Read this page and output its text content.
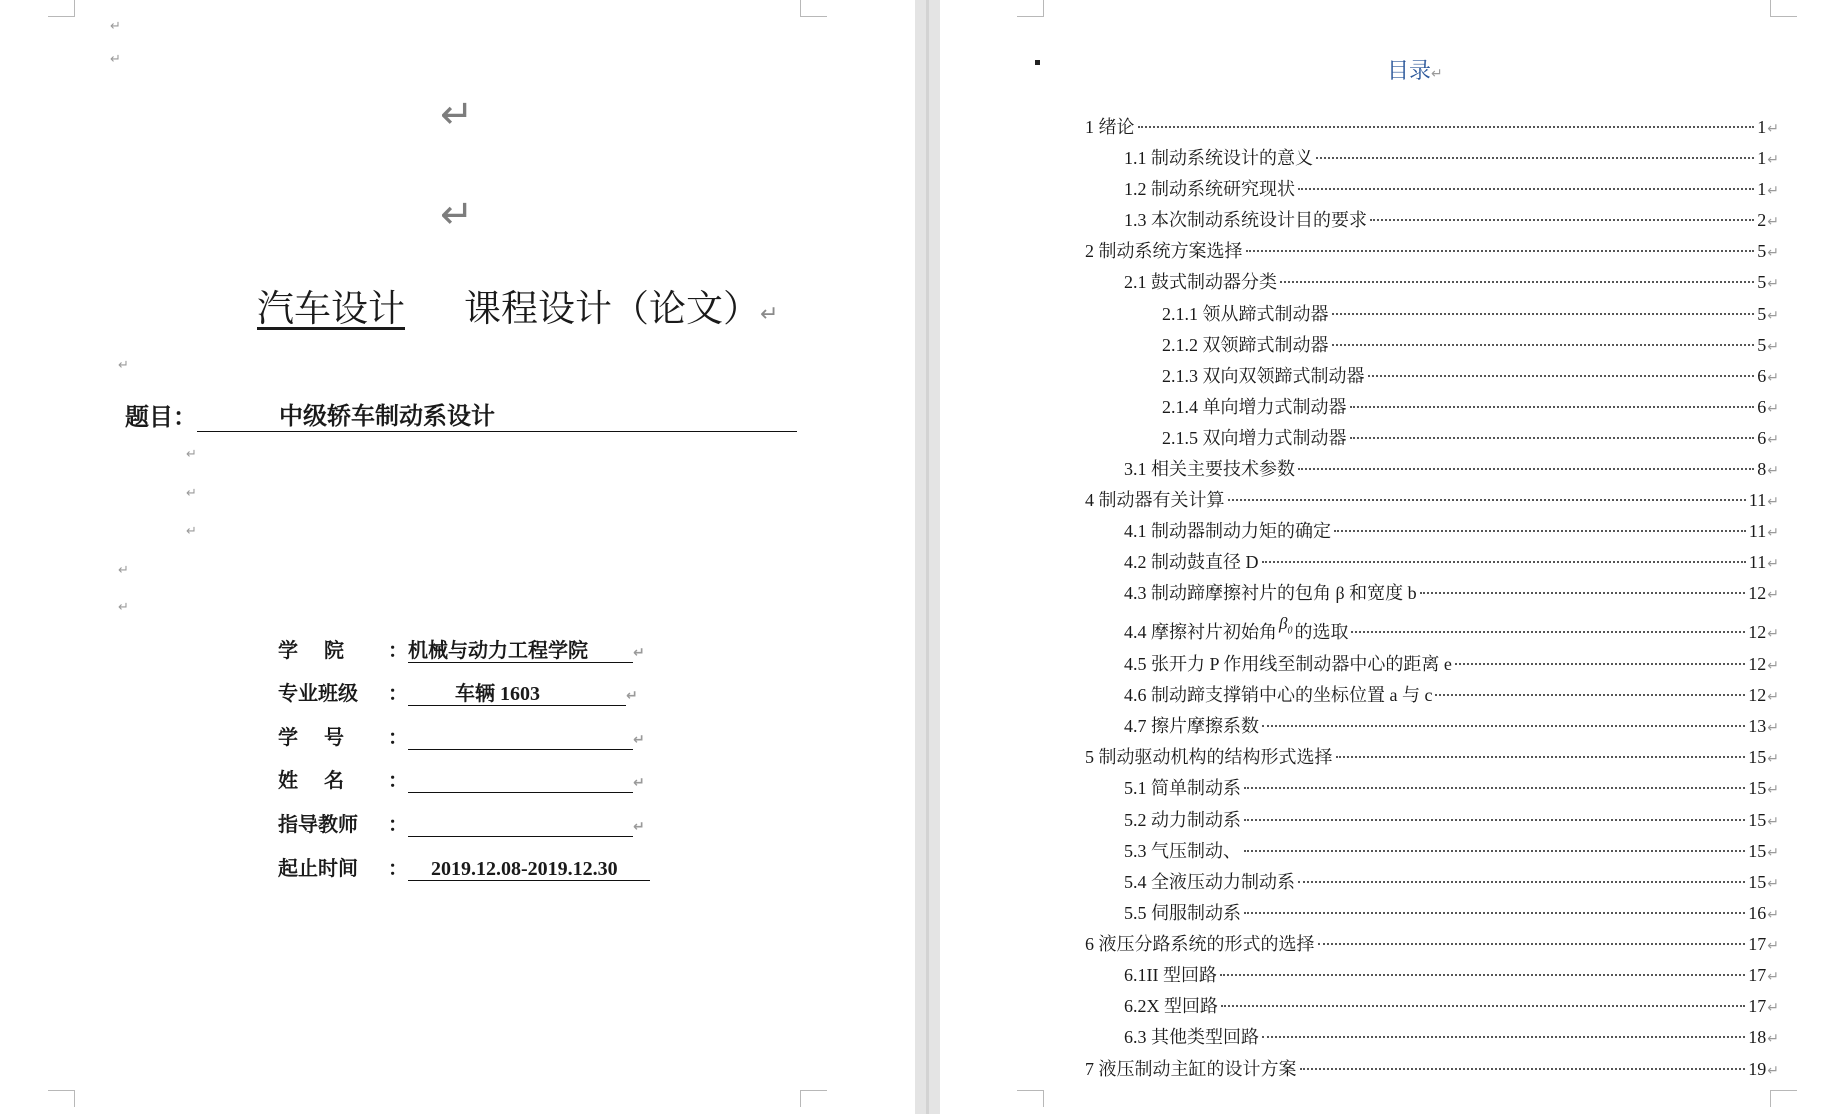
↵
↵
↵
↵
汽车设计 课程设计（论文）↵
↵
题目：	中级轿车制动系设计
↵
↵
↵
↵
↵
学院 ：机械与动力工程学院	↵
专业班级 ： 车辆 1603	↵
学号 ：	↵
姓名 ：	↵
指导教师 ：	↵
起止时间 ： 2019.12.08-2019.12.30
目录↵
1 绪论	1 ↵
1.1 制动系统设计的意义	1 ↵
1.2 制动系统研究现状	1 ↵
1.3 本次制动系统设计目的要求	2 ↵
2 制动系统方案选择	5 ↵
2.1 鼓式制动器分类	5 ↵
2.1.1 领从蹄式制动器	5 ↵
2.1.2 双领蹄式制动器	5 ↵
2.1.3 双向双领蹄式制动器	6 ↵
2.1.4 单向增力式制动器	6 ↵
2.1.5 双向增力式制动器	6 ↵
3.1 相关主要技术参数	8 ↵
4 制动器有关计算	11 ↵
4.1 制动器制动力矩的确定	11 ↵
4.2 制动鼓直径 D	11 ↵
4.3 制动蹄摩擦衬片的包角 β 和宽度 b	12 ↵
4.4 摩擦衬片初始角 $\beta_0$ 的选取	12 ↵
4.5 张开力 P 作用线至制动器中心的距离 e	12 ↵
4.6 制动蹄支撑销中心的坐标位置 a 与 c	12 ↵
4.7 擦片摩擦系数	13 ↵
5 制动驱动机构的结构形式选择	15 ↵
5.1 简单制动系	15 ↵
5.2 动力制动系	15 ↵
5.3 气压制动、	15 ↵
5.4 全液压动力制动系	15 ↵
5.5 伺服制动系	16 ↵
6 液压分路系统的形式的选择	17 ↵
6.1II 型回路	17 ↵
6.2X 型回路	17 ↵
6.3 其他类型回路	18 ↵
7 液压制动主缸的设计方案	19 ↵
